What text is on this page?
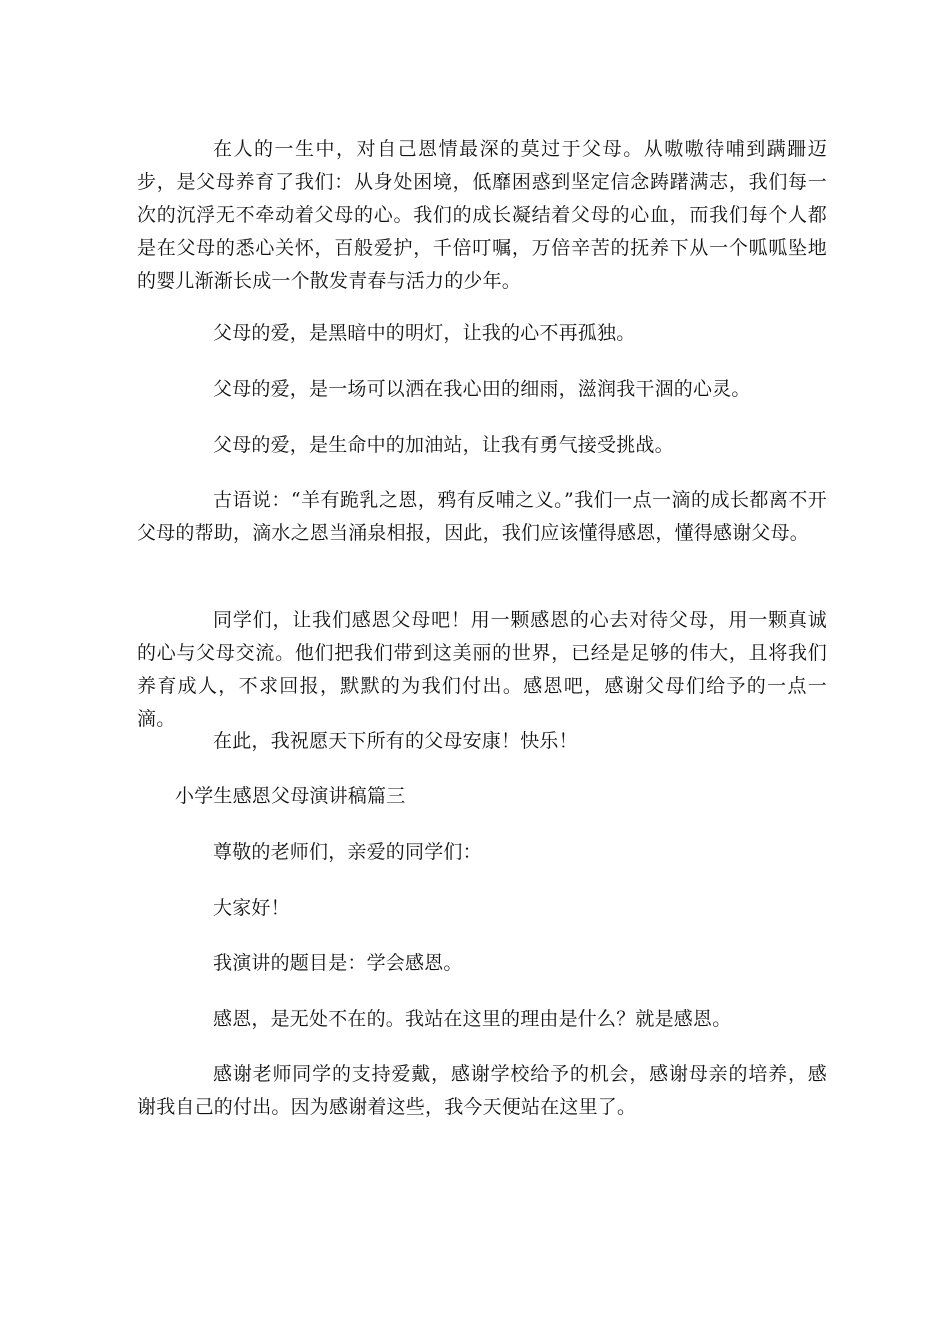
在人的一生中，对自己恩情最深的莫过于父母。从嗷嗷待哺到蹒跚迈步，是父母养育了我们：从身处困境，低靡困惑到坚定信念踌躇满志，我们每一次的沉浮无不牵动着父母的心。我们的成长凝结着父母的心血，而我们每个人都是在父母的悉心关怀，百般爱护，千倍叮嘱，万倍辛苦的抚养下从一个呱呱坠地的婴儿渐渐长成一个散发青春与活力的少年。

父母的爱，是黑暗中的明灯，让我的心不再孤独。

父母的爱，是一场可以洒在我心田的细雨，滋润我干涸的心灵。

父母的爱，是生命中的加油站，让我有勇气接受挑战。

古语说：“羊有跪乳之恩，鸦有反哺之义。”我们一点一滴的成长都离不开父母的帮助，滴水之恩当涌泉相报，因此，我们应该懂得感恩，懂得感谢父母。

同学们，让我们感恩父母吧！用一颗感恩的心去对待父母，用一颗真诚的心与父母交流。他们把我们带到这美丽的世界，已经是足够的伟大，且将我们养育成人，不求回报，默默的为我们付出。感恩吧，感谢父母们给予的一点一滴。

在此，我祝愿天下所有的父母安康！快乐！

小学生感恩父母演讲稿篇三

尊敬的老师们，亲爱的同学们：

大家好！

我演讲的题目是：学会感恩。

感恩，是无处不在的。我站在这里的理由是什么？就是感恩。

感谢老师同学的支持爱戴，感谢学校给予的机会，感谢母亲的培养，感谢我自己的付出。因为感谢着这些，我今天便站在这里了。
